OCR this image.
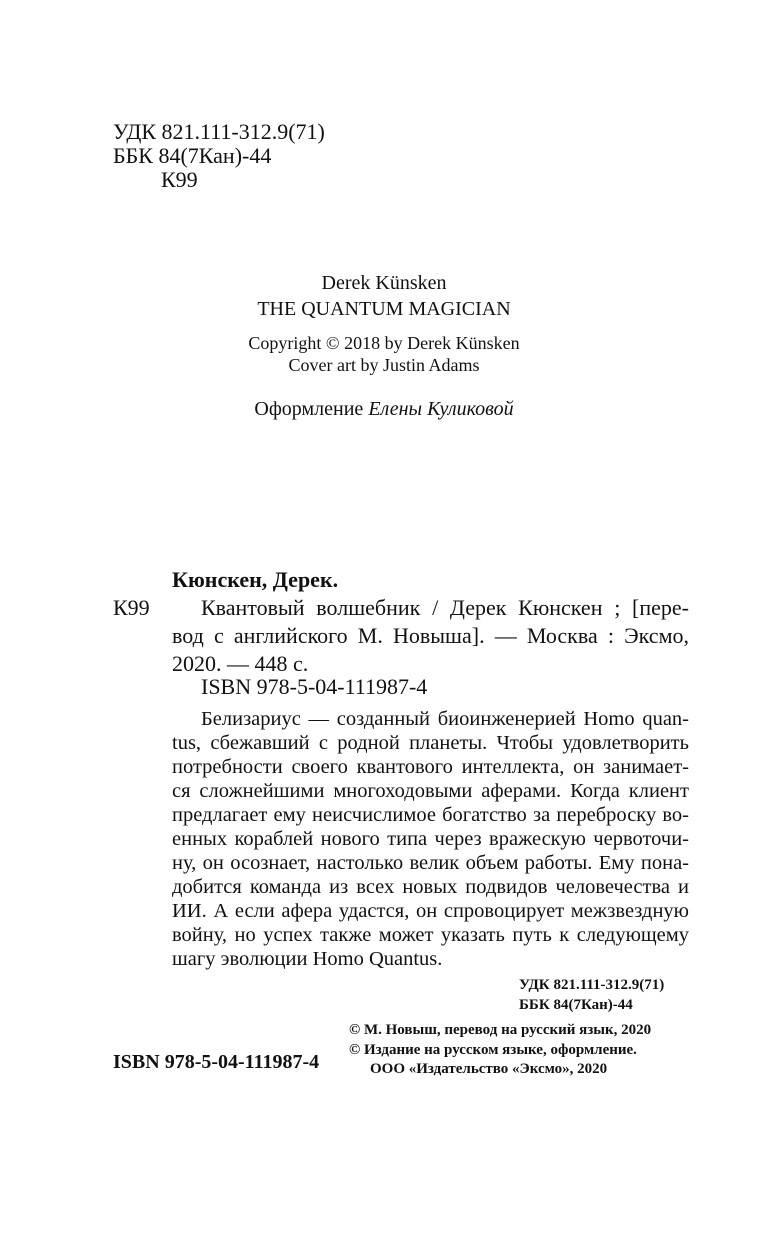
УДК 821.111-312.9(71)
ББК 84(7Кан)-44
К99
Derek Künsken
THE QUANTUM MAGICIAN
Copyright © 2018 by Derek Künsken
Cover art by Justin Adams
Оформление Елены Куликовой
Кюнскен, Дерек.
К99 Квантовый волшебник / Дерек Кюнскен ; [пере-
вод с английского М. Новыша]. — Москва : Эксмо,
2020. — 448 с.
ISBN 978-5-04-111987-4
Белизариус — созданный биоинженерией Homo quan-
tus, сбежавший с родной планеты. Чтобы удовлетворить
потребности своего квантового интеллекта, он занимает-
ся сложнейшими многоходовыми аферами. Когда клиент
предлагает ему неисчислимое богатство за переброску во-
енных кораблей нового типа через вражескую червоточи-
ну, он осознает, настолько велик объем работы. Ему пона-
добится команда из всех новых подвидов человечества и
ИИ. А если афера удастся, он спровоцирует межзвездную
войну, но успех также может указать путь к следующему
шагу эволюции Homo Quantus.
УДК 821.111-312.9(71)
ББК 84(7Кан)-44
ISBN 978-5-04-111987-4
© М. Новыш, перевод на русский язык, 2020
© Издание на русском языке, оформление.
ООО «Издательство «Эксмо», 2020
